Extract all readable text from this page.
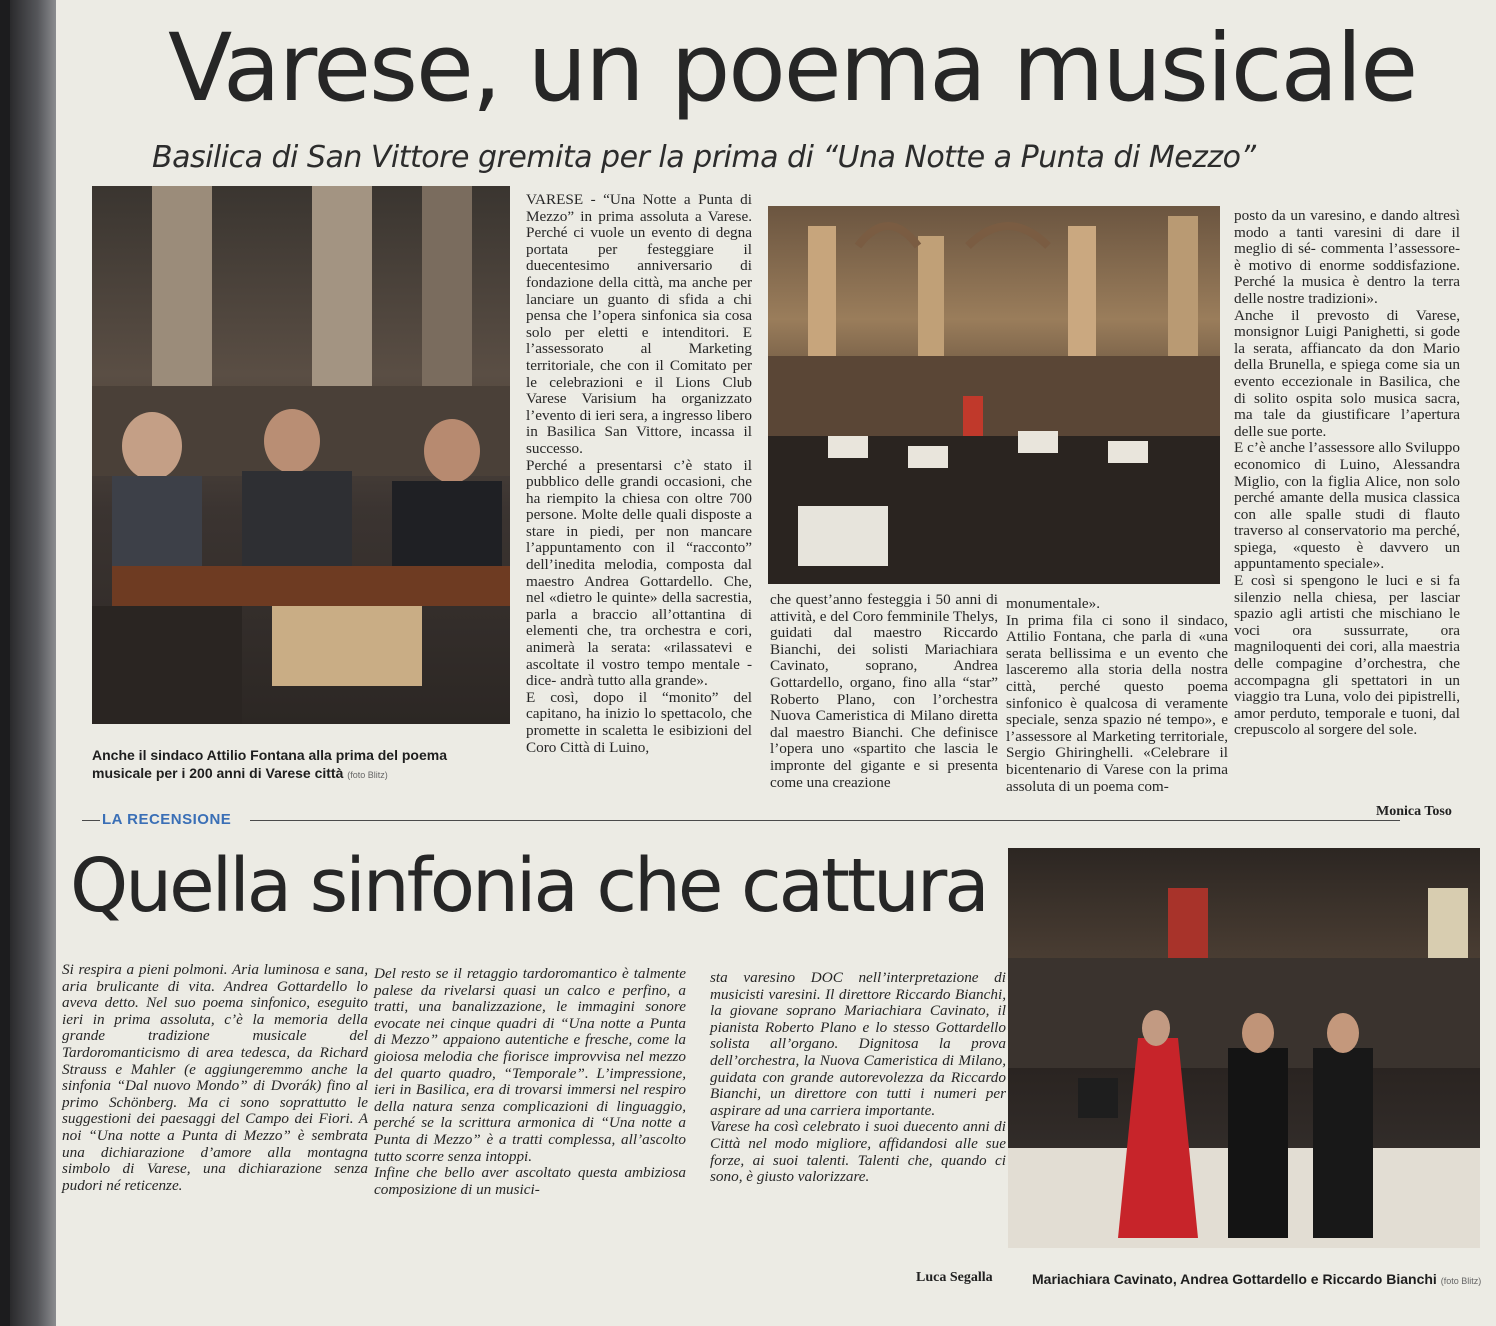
Varese, un poema musicale
Basilica di San Vittore gremita per la prima di “Una Notte a Punta di Mezzo”
Anche il sindaco Attilio Fontana alla prima del poema musicale per i 200 anni di Varese città (foto Blitz)

VARESE - “Una Notte a Punta di Mezzo” in prima assoluta a Varese. Perché ci vuole un evento di degna portata per festeggiare il duecentesimo anniversario di fondazione della città, ma anche per lanciare un guanto di sfida a chi pensa che l’opera sinfonica sia cosa solo per eletti e intenditori. E l’assessorato al Marketing territoriale, che con il Comitato per le celebrazioni e il Lions Club Varese Varisium ha organizzato l’evento di ieri sera, a ingresso libero in Basilica San Vittore, incassa il successo.

Perché a presentarsi c’è stato il pubblico delle grandi occasioni, che ha riempito la chiesa con oltre 700 persone. Molte delle quali disposte a stare in piedi, per non mancare l’appuntamento con il “racconto” dell’inedita melodia, composta dal maestro Andrea Gottardello. Che, nel «dietro le quinte» della sacrestia, parla a braccio all’ottantina di elementi che, tra orchestra e cori, animerà la serata: «rilassatevi e ascoltate il vostro tempo mentale - dice- andrà tutto alla grande».

E così, dopo il “monito” del capitano, ha inizio lo spettacolo, che promette in scaletta le esibizioni del Coro Città di Luino,

che quest’anno festeggia i 50 anni di attività, e del Coro femminile Thelys, guidati dal maestro Riccardo Bianchi, dei solisti Mariachiara Cavinato, soprano, Andrea Gottardello, organo, fino alla “star” Roberto Plano, con l’orchestra Nuova Cameristica di Milano diretta dal maestro Bianchi. Che definisce l’opera uno «spartito che lascia le impronte del gigante e si presenta come una creazione

monumentale».

In prima fila ci sono il sindaco, Attilio Fontana, che parla di «una serata bellissima e un evento che lasceremo alla storia della nostra città, perché questo poema sinfonico è qualcosa di veramente speciale, senza spazio né tempo», e l’assessore al Marketing territoriale, Sergio Ghiringhelli. «Celebrare il bicentenario di Varese con la prima assoluta di un poema com-

posto da un varesino, e dando altresì modo a tanti varesini di dare il meglio di sé- commenta l’assessore- è motivo di enorme soddisfazione. Perché la musica è dentro la terra delle nostre tradizioni».

Anche il prevosto di Varese, monsignor Luigi Panighetti, si gode la serata, affiancato da don Mario della Brunella, e spiega come sia un evento eccezionale in Basilica, che di solito ospita solo musica sacra, ma tale da giustificare l’apertura delle sue porte.

E c’è anche l’assessore allo Sviluppo economico di Luino, Alessandra Miglio, con la figlia Alice, non solo perché amante della musica classica con alle spalle studi di flauto traverso al conservatorio ma perché, spiega, «questo è davvero un appuntamento speciale».

E così si spengono le luci e si fa silenzio nella chiesa, per lasciar spazio agli artisti che mischiano le voci ora sussurrate, ora magniloquenti dei cori, alla maestria delle compagine d’orchestra, che accompagna gli spettatori in un viaggio tra Luna, volo dei pipistrelli, amor perduto, temporale e tuoni, dal crepuscolo al sorgere del sole.

Monica Toso
LA RECENSIONE
Quella sinfonia che cattura

Si respira a pieni polmoni. Aria luminosa e sana, aria brulicante di vita. Andrea Gottardello lo aveva detto. Nel suo poema sinfonico, eseguito ieri in prima assoluta, c’è la memoria della grande tradizione musicale del Tardoromanticismo di area tedesca, da Richard Strauss e Mahler (e aggiungeremmo anche la sinfonia “Dal nuovo Mondo” di Dvorák) fino al primo Schönberg. Ma ci sono soprattutto le suggestioni dei paesaggi del Campo dei Fiori. A noi “Una notte a Punta di Mezzo” è sembrata una dichiarazione d’amore alla montagna simbolo di Varese, una dichiarazione senza pudori né reticenze.

Del resto se il retaggio tardoromantico è talmente palese da rivelarsi quasi un calco e perfino, a tratti, una banalizzazione, le immagini sonore evocate nei cinque quadri di “Una notte a Punta di Mezzo” appaiono autentiche e fresche, come la gioiosa melodia che fiorisce improvvisa nel mezzo del quarto quadro, “Temporale”. L’impressione, ieri in Basilica, era di trovarsi immersi nel respiro della natura senza complicazioni di linguaggio, perché se la scrittura armonica di “Una notte a Punta di Mezzo” è a tratti complessa, all’ascolto tutto scorre senza intoppi.

Infine che bello aver ascoltato questa ambiziosa composizione di un musici-

sta varesino DOC nell’interpretazione di musicisti varesini. Il direttore Riccardo Bianchi, la giovane soprano Mariachiara Cavinato, il pianista Roberto Plano e lo stesso Gottardello solista all’organo. Dignitosa la prova dell’orchestra, la Nuova Cameristica di Milano, guidata con grande autorevolezza da Riccardo Bianchi, un direttore con tutti i numeri per aspirare ad una carriera importante.

Varese ha così celebrato i suoi duecento anni di Città nel modo migliore, affidandosi alle sue forze, ai suoi talenti. Talenti che, quando ci sono, è giusto valorizzare.

Luca Segalla	Mariachiara Cavinato, Andrea Gottardello e Riccardo Bianchi (foto Blitz)
